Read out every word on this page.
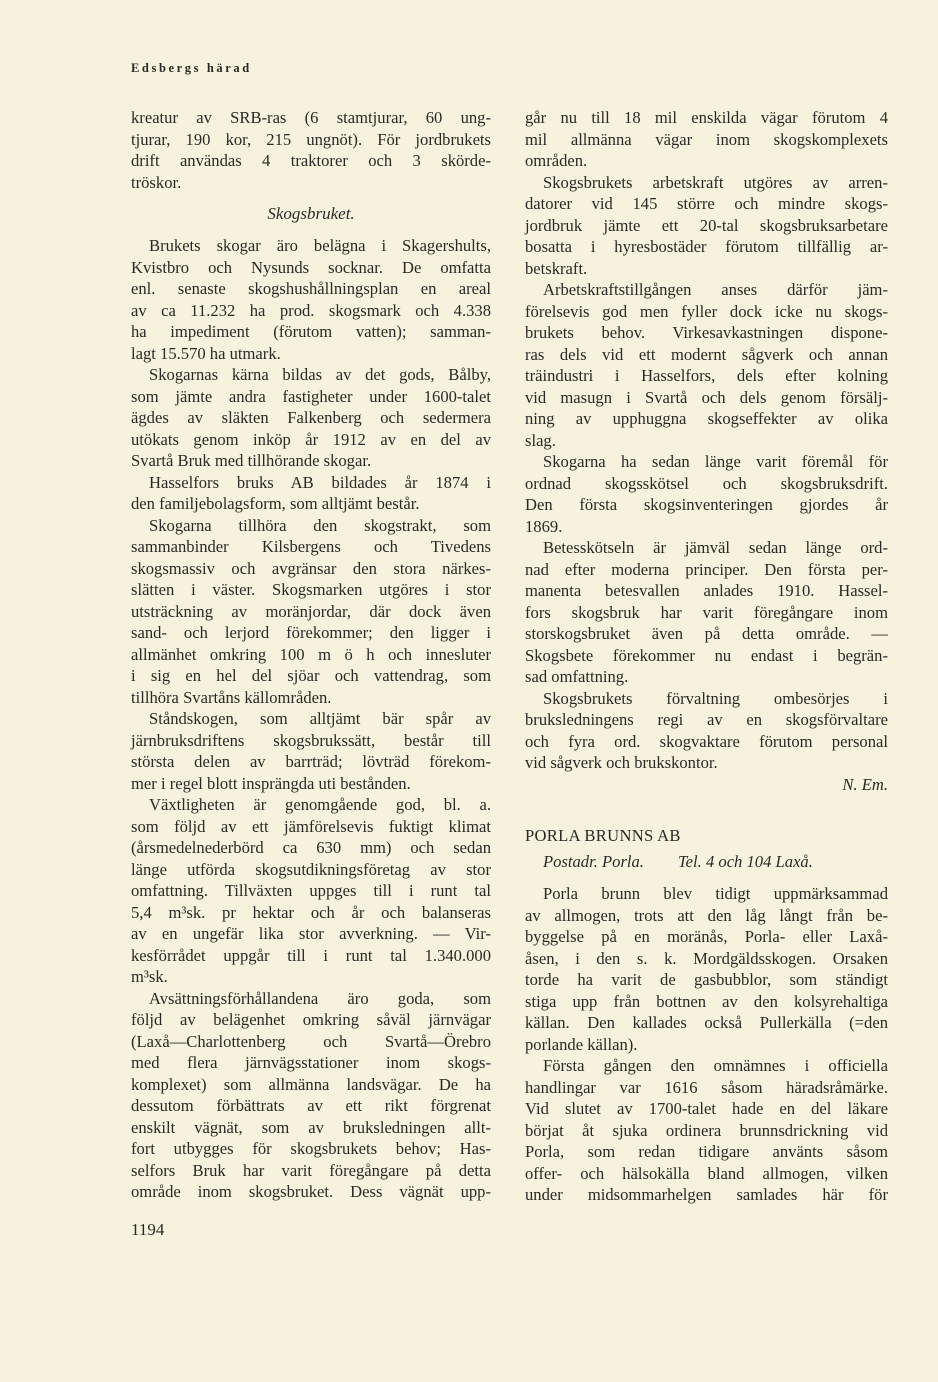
Edsbergs härad
kreatur av SRB-ras (6 stamtjurar, 60 ung-
tjurar, 190 kor, 215 ungnöt). För jordbrukets
drift användas 4 traktorer och 3 skörde-
tröskor.
Skogsbruket.
Brukets skogar äro belägna i Skagershults,
Kvistbro och Nysunds socknar. De omfatta
enl. senaste skogshushållningsplan en areal
av ca 11.232 ha prod. skogsmark och 4.338
ha impediment (förutom vatten); samman-
lagt 15.570 ha utmark.
Skogarnas kärna bildas av det gods, Bålby,
som jämte andra fastigheter under 1600-talet
ägdes av släkten Falkenberg och sedermera
utökats genom inköp år 1912 av en del av
Svartå Bruk med tillhörande skogar.
Hasselfors bruks AB bildades år 1874 i
den familjebolagsform, som alltjämt består.
Skogarna tillhöra den skogstrakt, som
sammanbinder Kilsbergens och Tivedens
skogsmassiv och avgränsar den stora närkes-
slätten i väster. Skogsmarken utgöres i stor
utsträckning av moränjordar, där dock även
sand- och lerjord förekommer; den ligger i
allmänhet omkring 100 m ö h och innesluter
i sig en hel del sjöar och vattendrag, som
tillhöra Svartåns källområden.
Ståndskogen, som alltjämt bär spår av
järnbruksdriftens skogsbrukssätt, består till
största delen av barrträd; lövträd förekom-
mer i regel blott insprängda uti bestånden.
Växtligheten är genomgående god, bl. a.
som följd av ett jämförelsevis fuktigt klimat
(årsmedelnederbörd ca 630 mm) och sedan
länge utförda skogsutdikningsföretag av stor
omfattning. Tillväxten uppges till i runt tal
5,4 m³sk. pr hektar och år och balanseras
av en ungefär lika stor avverkning. — Vir-
kesförrådet uppgår till i runt tal 1.340.000
m³sk.
Avsättningsförhållandena äro goda, som
följd av belägenhet omkring såväl järnvägar
(Laxå—Charlottenberg och Svartå—Örebro
med flera järnvägsstationer inom skogs-
komplexet) som allmänna landsvägar. De ha
dessutom förbättrats av ett rikt förgrenat
enskilt vägnät, som av bruksledningen allt-
fort utbygges för skogsbrukets behov; Has-
selfors Bruk har varit föregångare på detta
område inom skogsbruket. Dess vägnät upp-
går nu till 18 mil enskilda vägar förutom 4
mil allmänna vägar inom skogskomplexets
områden.
Skogsbrukets arbetskraft utgöres av arren-
datorer vid 145 större och mindre skogs-
jordbruk jämte ett 20-tal skogsbruksarbetare
bosatta i hyresbostäder förutom tillfällig ar-
betskraft.
Arbetskraftstillgången anses därför jäm-
förelsevis god men fyller dock icke nu skogs-
brukets behov. Virkesavkastningen dispone-
ras dels vid ett modernt sågverk och annan
träindustri i Hasselfors, dels efter kolning
vid masugn i Svartå och dels genom försälj-
ning av upphuggna skogseffekter av olika
slag.
Skogarna ha sedan länge varit föremål för
ordnad skogsskötsel och skogsbruksdrift.
Den första skogsinventeringen gjordes år
1869.
Betesskötseln är jämväl sedan länge ord-
nad efter moderna principer. Den första per-
manenta betesvallen anlades 1910. Hassel-
fors skogsbruk har varit föregångare inom
storskogsbruket även på detta område. —
Skogsbete förekommer nu endast i begrän-
sad omfattning.
Skogsbrukets förvaltning ombesörjes i
bruksledningens regi av en skogsförvaltare
och fyra ord. skogvaktare förutom personal
vid sågverk och brukskontor.
N. Em.
PORLA BRUNNS AB
Postadr. Porla. Tel. 4 och 104 Laxå.
Porla brunn blev tidigt uppmärksammad
av allmogen, trots att den låg långt från be-
byggelse på en moränås, Porla- eller Laxå-
åsen, i den s. k. Mordgäldsskogen. Orsaken
torde ha varit de gasbubblor, som ständigt
stiga upp från bottnen av den kolsyrehaltiga
källan. Den kallades också Pullerkälla (=den
porlande källan).
Första gången den omnämnes i officiella
handlingar var 1616 såsom häradsråmärke.
Vid slutet av 1700-talet hade en del läkare
börjat åt sjuka ordinera brunnsdrickning vid
Porla, som redan tidigare använts såsom
offer- och hälsokälla bland allmogen, vilken
under midsommarhelgen samlades här för
1194
